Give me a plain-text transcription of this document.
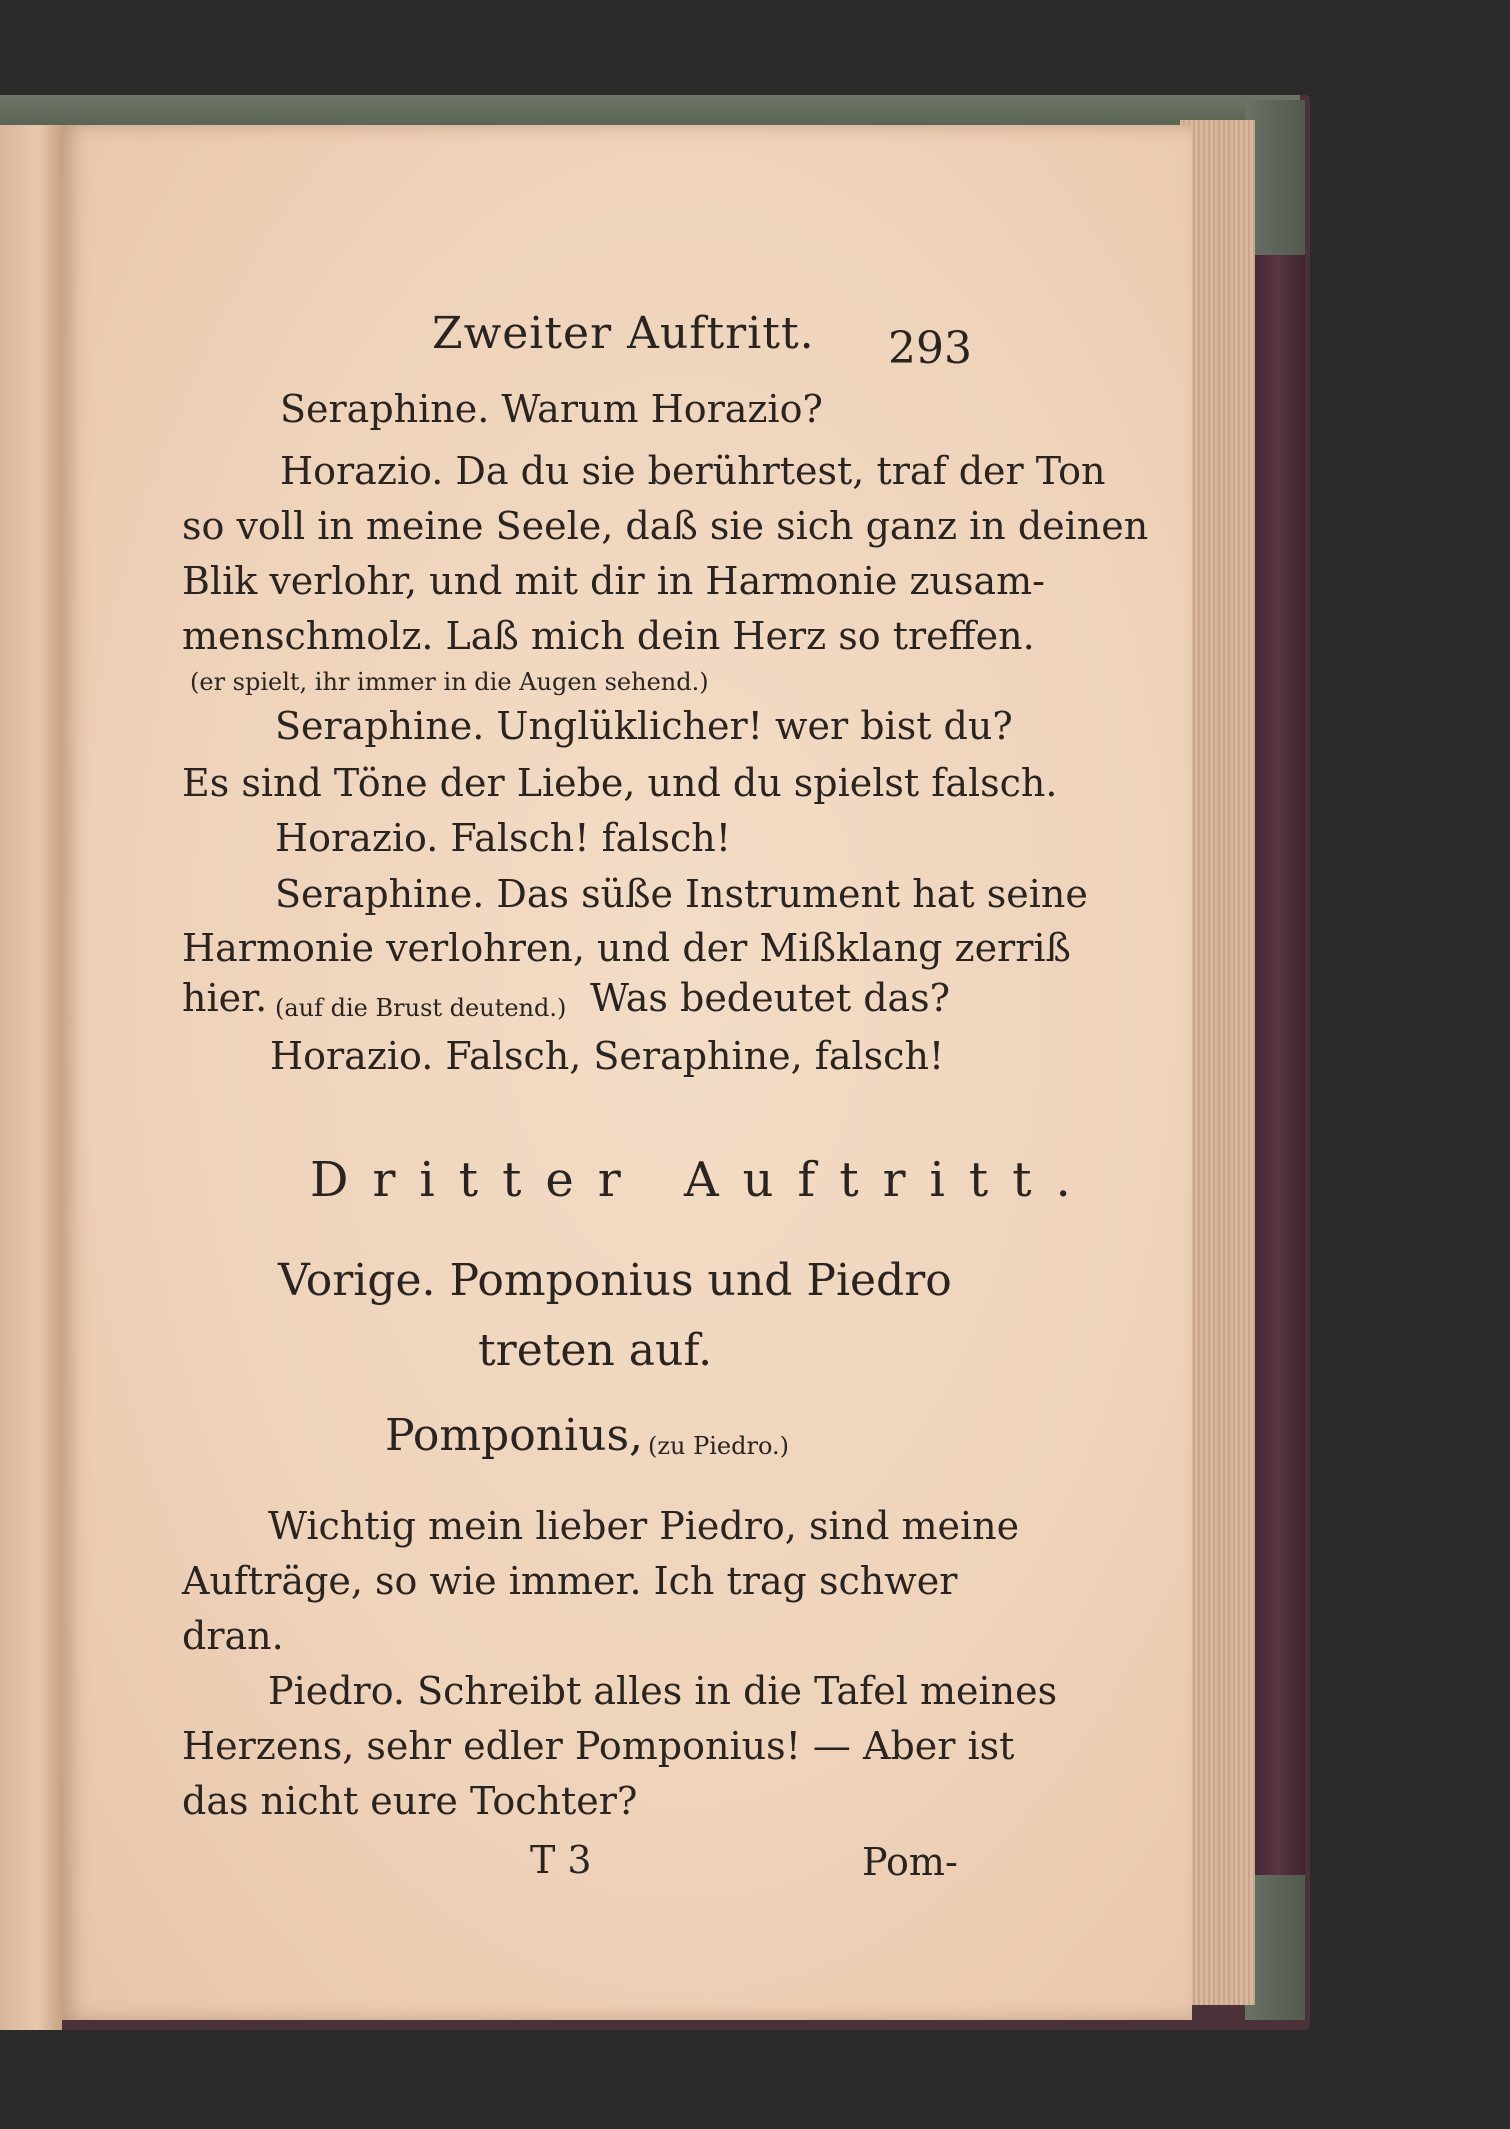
Zweiter Auftritt. 293
Seraphine. Warum Horazio?
Horazio. Da du sie berührtest, traf der Ton
so voll in meine Seele, daß sie sich ganz in deinen
Blik verlohr, und mit dir in Harmonie zusam-
menschmolz. Laß mich dein Herz so treffen.
(er spielt, ihr immer in die Augen sehend.)
Seraphine. Unglüklicher! wer bist du?
Es sind Töne der Liebe, und du spielst falsch.
Horazio. Falsch! falsch!
Seraphine. Das süße Instrument hat seine
Harmonie verlohren, und der Mißklang zerriß
hier. (auf die Brust deutend.) Was bedeutet das?
Horazio. Falsch, Seraphine, falsch!
Dritter Auftritt.
Vorige. Pomponius und Piedro
treten auf.
Pomponius, (zu Piedro.)
Wichtig mein lieber Piedro, sind meine
Aufträge, so wie immer. Ich trag schwer
dran.
Piedro. Schreibt alles in die Tafel meines
Herzens, sehr edler Pomponius! — Aber ist
das nicht eure Tochter?
T 3	Pom-
